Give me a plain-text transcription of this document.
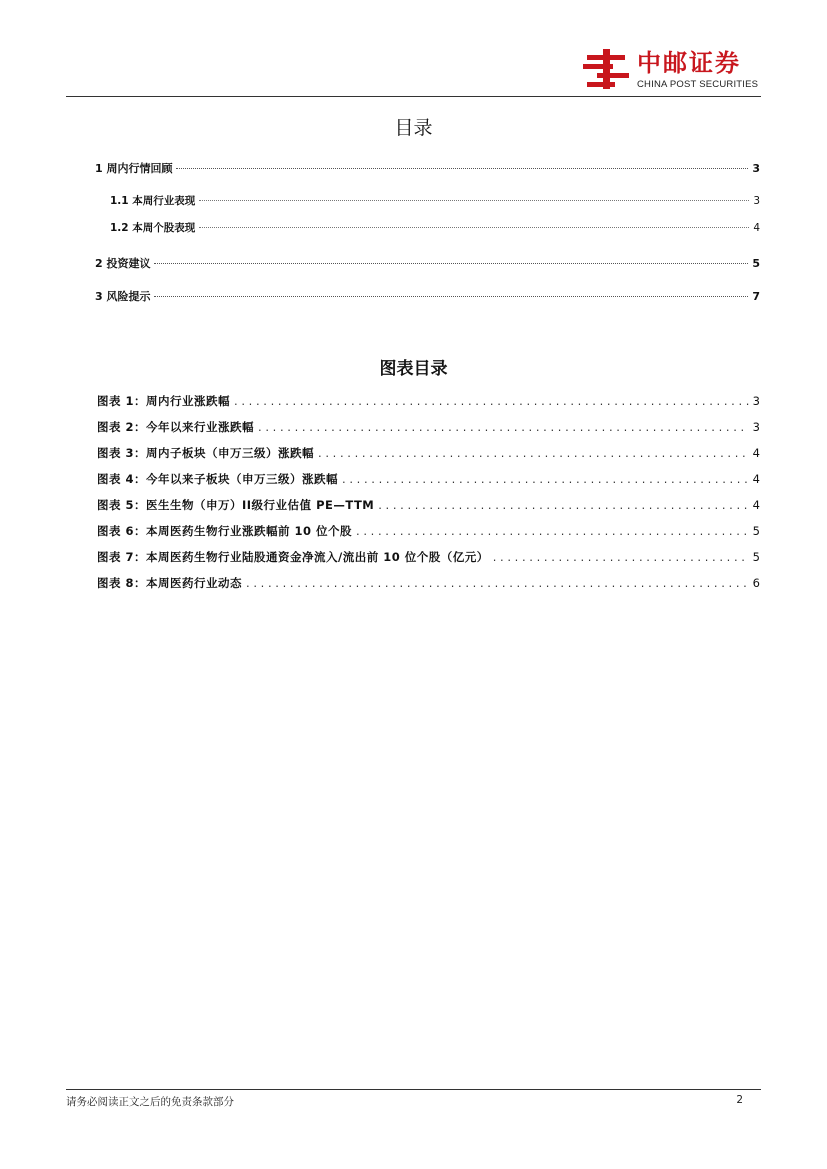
中邮证券
CHINA POST SECURITIES
目录
1 周内行情回顾	3
1.1 本周行业表现	3
1.2 本周个股表现	4
2 投资建议	5
3 风险提示	7
图表目录
图表 1：周内行业涨跌幅 . . .	3
图表 2：今年以来行业涨跌幅 . . .	3
图表 3：周内子板块（申万三级）涨跌幅 . . .	4
图表 4：今年以来子板块（申万三级）涨跌幅 . . .	4
图表 5：医生生物（申万）II级行业估值 PE—TTM . . .	4
图表 6：本周医药生物行业涨跌幅前 10 位个股 . . .	5
图表 7：本周医药生物行业陆股通资金净流入/流出前 10 位个股（亿元） . . .	5
图表 8：本周医药行业动态 . . .	6
请务必阅读正文之后的免责条款部分	2
